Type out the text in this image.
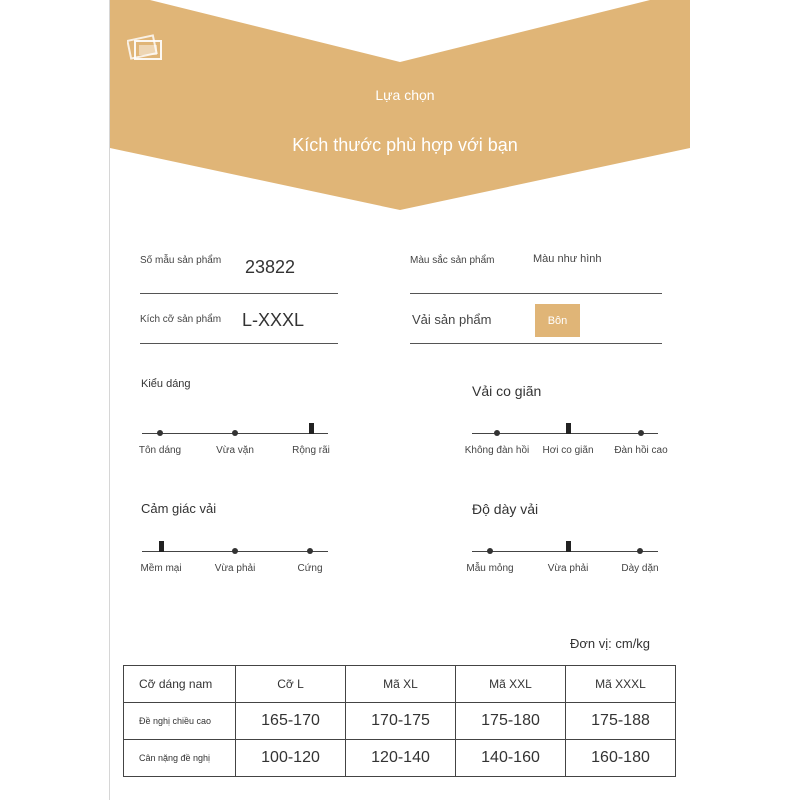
Lựa chọn
Kích thước phù hợp với bạn
Số mẫu sản phẩm 23822	Màu sắc sản phẩm	Màu như hình
Kích cỡ sản phẩm L-XXXL	Vải sản phẩm	Bôn
Kiểu dáng	Vải co giãn
Cảm giác vải	Độ dày vải
Đơn vị: cm/kg
Cỡ dáng nam	Cỡ L	Mã XL	Mã XXL	Mã XXXL
Đề nghị chiều cao	165-170	170-175	175-180	175-188
Cân nặng đề nghị	100-120	120-140	140-160	160-180
Tôn dáng	Vừa vặn	Rộng rãi	Không đàn hồi Hơi co giãn Đàn hồi cao
Mềm mại	Vừa phải	Cứng	Mẫu mỏng	Vừa phải	Dày dặn
